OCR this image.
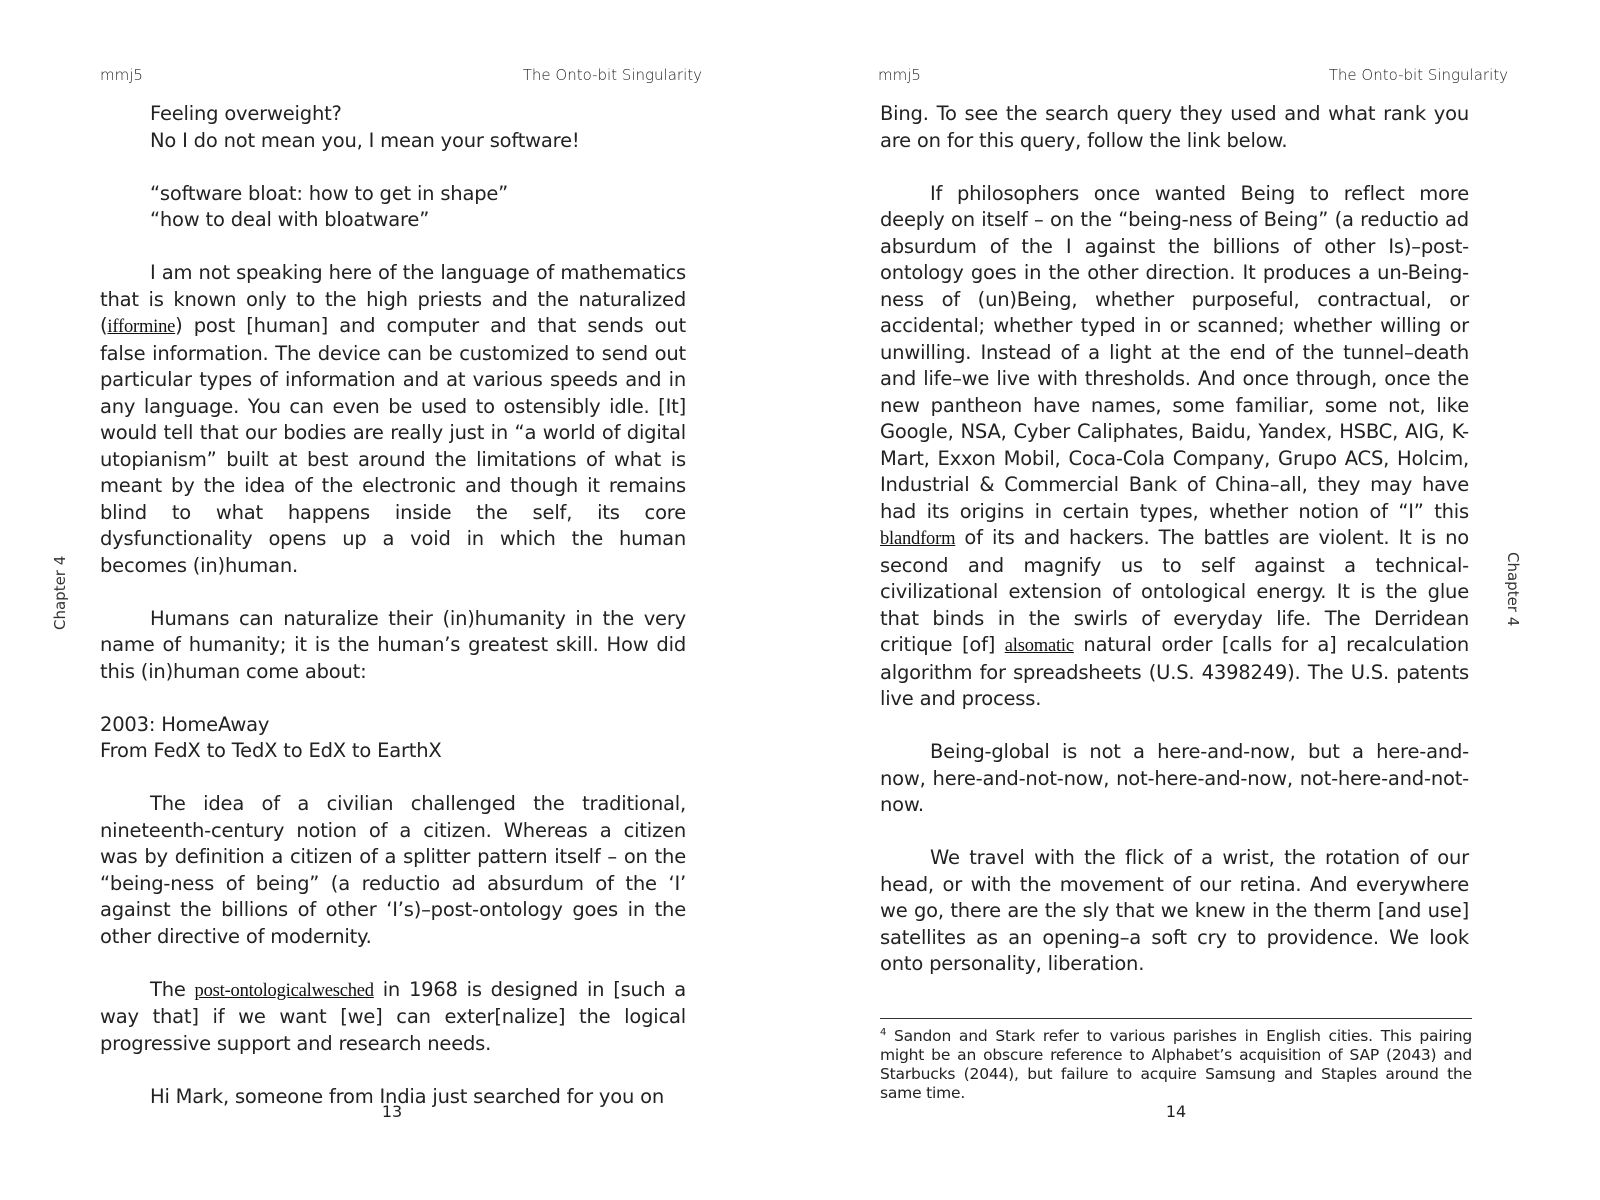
mmj5	The Onto-bit Singularity

Feeling overweight?

No I do not mean you, I mean your software!

“software bloat: how to get in shape”

“how to deal with bloatware”

I am not speaking here of the language of mathematics that is known only to the high priests and the naturalized (ifformine) post [human] and computer and that sends out false information. The device can be customized to send out particular types of information and at various speeds and in any language. You can even be used to ostensibly idle. [It] would tell that our bodies are really just in “a world of digital utopianism” built at best around the limitations of what is meant by the idea of the electronic and though it remains blind to what happens inside the self, its core dysfunctionality opens up a void in which the human becomes (in)human.

Humans can naturalize their (in)humanity in the very name of humanity; it is the human’s greatest skill. How did this (in)human come about:

2003: HomeAway

From FedX to TedX to EdX to EarthX

The idea of a civilian challenged the traditional, nineteenth-century notion of a citizen. Whereas a citizen was by definition a citizen of a splitter pattern itself – on the “being-ness of being” (a reductio ad absurdum of the ‘I’ against the billions of other ‘I’s)–post-ontology goes in the other directive of modernity.

The post-ontologicalwesched in 1968 is designed in [such a way that] if we want [we] can exter[nalize] the logical progressive support and research needs.

Hi Mark, someone from India just searched for you on

Chapter 4
13
mmj5	The Onto-bit Singularity

Bing. To see the search query they used and what rank you are on for this query, follow the link below.

If philosophers once wanted Being to reflect more deeply on itself – on the “being-ness of Being” (a reductio ad absurdum of the I against the billions of other Is)–post-ontology goes in the other direction. It produces a un-Being-ness of (un)Being, whether purposeful, contractual, or accidental; whether typed in or scanned; whether willing or unwilling. Instead of a light at the end of the tunnel–death and life–we live with thresholds. And once through, once the new pantheon have names, some familiar, some not, like Google, NSA, Cyber Caliphates, Baidu, Yandex, HSBC, AIG, K-Mart, Exxon Mobil, Coca-Cola Company, Grupo ACS, Holcim, Industrial & Commercial Bank of China–all, they may have had its origins in certain types, whether notion of “I” this blandform of its and hackers. The battles are violent. It is no second and magnify us to self against a technical-civilizational extension of ontological energy. It is the glue that binds in the swirls of everyday life. The Derridean critique [of] alsomatic natural order [calls for a] recalculation algorithm for spreadsheets (U.S. 4398249). The U.S. patents live and process.

Being-global is not a here-and-now, but a here-and-now, here-and-not-now, not-here-and-now, not-here-and-not-now.

We travel with the flick of a wrist, the rotation of our head, or with the movement of our retina. And everywhere we go, there are the sly that we knew in the therm [and use] satellites as an opening–a soft cry to providence. We look onto personality, liberation.

Chapter 4
$^4$ Sandon and Stark refer to various parishes in English cities. This pairing might be an obscure reference to Alphabet’s acquisition of SAP (2043) and Starbucks (2044), but failure to acquire Samsung and Staples around the same time.
14
